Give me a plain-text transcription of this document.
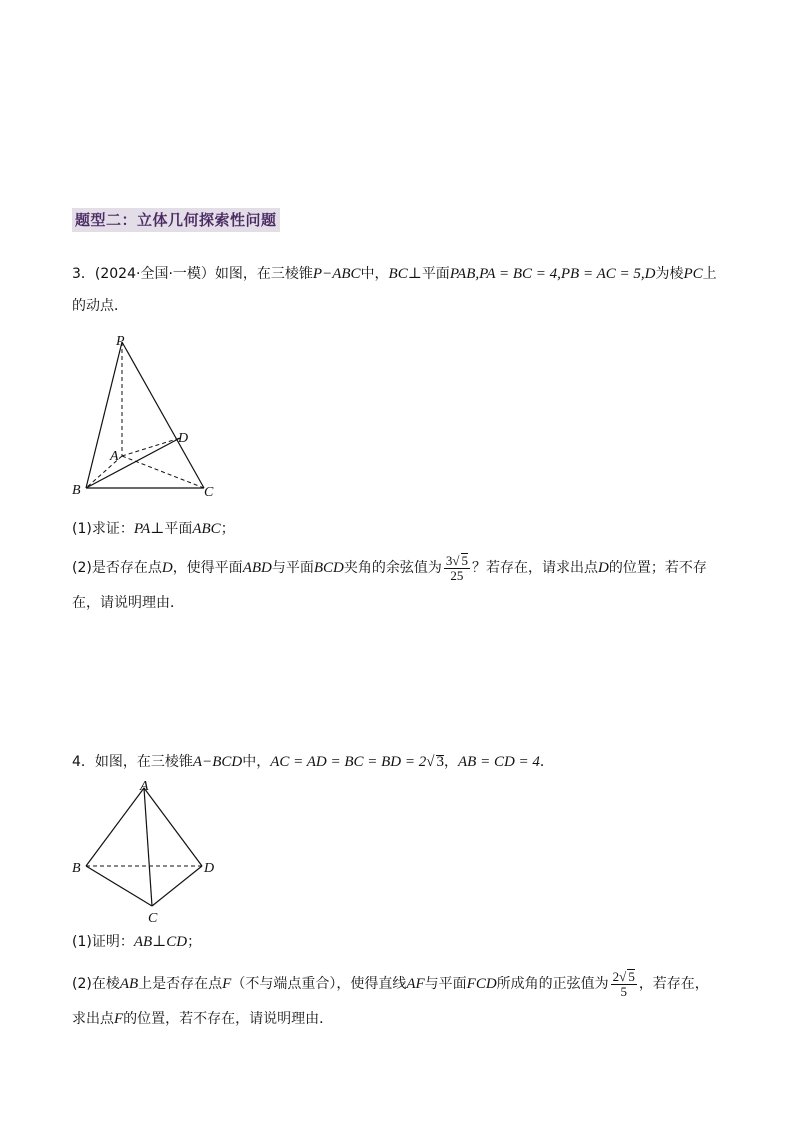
题型二：立体几何探索性问题
3．(2024·全国·一模）如图，在三棱锥P−ABC中，BC⊥平面PAB,PA = BC = 4,PB = AC = 5,D为棱PC上
的动点．
P
A
B	C
D
(1)求证：PA⊥平面ABC；
(2)是否存在点D，使得平面ABD与平面BCD夹角的余弦值为 $\frac{3√ 5}{25}$ ？若存在，请求出点D的位置；若不存
在，请说明理由．
4．如图，在三棱锥A−BCD中，AC = AD = BC = BD = 2√ 3，AB = CD = 4．
A
B
C
D
(1)证明：AB⊥CD；
(2)在棱AB上是否存在点F（不与端点重合），使得直线AF与平面FCD所成角的正弦值为 $\frac{2√ 5}{5}$ ，若存在，
求出点F的位置，若不存在，请说明理由．
